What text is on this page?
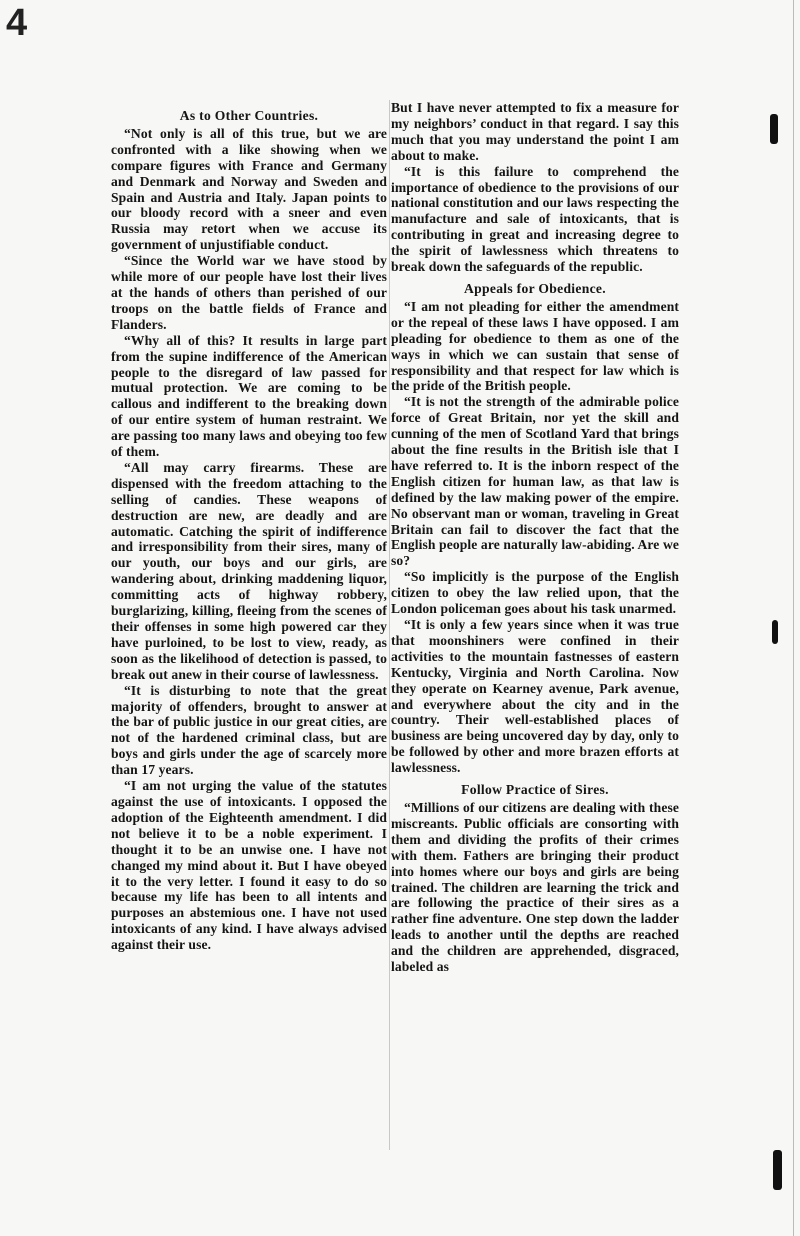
4
As to Other Countries.

“Not only is all of this true, but we are confronted with a like showing when we compare figures with France and Germany and Denmark and Norway and Sweden and Spain and Austria and Italy. Japan points to our bloody record with a sneer and even Russia may retort when we accuse its government of unjustifiable conduct.

“Since the World war we have stood by while more of our people have lost their lives at the hands of others than perished of our troops on the battle fields of France and Flanders.

“Why all of this? It results in large part from the supine indifference of the American people to the disregard of law passed for mutual protection. We are coming to be callous and indifferent to the breaking down of our entire system of human restraint. We are passing too many laws and obeying too few of them.

“All may carry firearms. These are dispensed with the freedom attaching to the selling of candies. These weapons of destruction are new, are deadly and are automatic. Catching the spirit of indifference and irresponsibility from their sires, many of our youth, our boys and our girls, are wandering about, drinking maddening liquor, committing acts of highway robbery, burglarizing, killing, fleeing from the scenes of their offenses in some high powered car they have purloined, to be lost to view, ready, as soon as the likelihood of detection is passed, to break out anew in their course of lawlessness.

“It is disturbing to note that the great majority of offenders, brought to answer at the bar of public justice in our great cities, are not of the hardened criminal class, but are boys and girls under the age of scarcely more than 17 years.

“I am not urging the value of the statutes against the use of intoxicants. I opposed the adoption of the Eighteenth amendment. I did not believe it to be a noble experiment. I thought it to be an unwise one. I have not changed my mind about it. But I have obeyed it to the very letter. I found it easy to do so because my life has been to all intents and purposes an abstemious one. I have not used intoxicants of any kind. I have always advised against their use.

But I have never attempted to fix a measure for my neighbors’ conduct in that regard. I say this much that you may understand the point I am about to make.

“It is this failure to comprehend the importance of obedience to the provisions of our national constitution and our laws respecting the manufacture and sale of intoxicants, that is contributing in great and increasing degree to the spirit of lawlessness which threatens to break down the safeguards of the republic.

Appeals for Obedience.

“I am not pleading for either the amendment or the repeal of these laws I have opposed. I am pleading for obedience to them as one of the ways in which we can sustain that sense of responsibility and that respect for law which is the pride of the British people.

“It is not the strength of the admirable police force of Great Britain, nor yet the skill and cunning of the men of Scotland Yard that brings about the fine results in the British isle that I have referred to. It is the inborn respect of the English citizen for human law, as that law is defined by the law making power of the empire. No observant man or woman, traveling in Great Britain can fail to discover the fact that the English people are naturally law-abiding. Are we so?

“So implicitly is the purpose of the English citizen to obey the law relied upon, that the London policeman goes about his task unarmed.

“It is only a few years since when it was true that moonshiners were confined in their activities to the mountain fastnesses of eastern Kentucky, Virginia and North Carolina. Now they operate on Kearney avenue, Park avenue, and everywhere about the city and in the country. Their well-established places of business are being uncovered day by day, only to be followed by other and more brazen efforts at lawlessness.

Follow Practice of Sires.

“Millions of our citizens are dealing with these miscreants. Public officials are consorting with them and dividing the profits of their crimes with them. Fathers are bringing their product into homes where our boys and girls are being trained. The children are learning the trick and are following the practice of their sires as a rather fine adventure. One step down the ladder leads to another until the depths are reached and the children are apprehended, disgraced, labeled as
